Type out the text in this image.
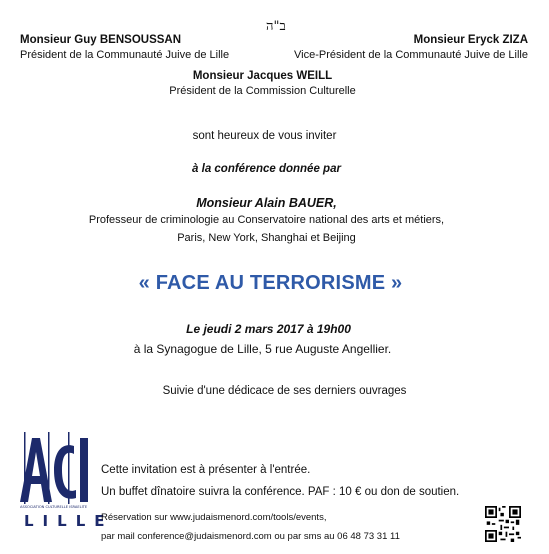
ב"ה
Monsieur Guy BENSOUSSAN
Président de la Communauté Juive de Lille
Monsieur Eryck ZIZA
Vice-Président de la Communauté Juive de Lille
Monsieur Jacques WEILL
Président de la Commission Culturelle
sont heureux de vous inviter
à la conférence donnée par
Monsieur Alain BAUER,
Professeur de criminologie au Conservatoire national des arts et métiers,
Paris, New York, Shanghai et Beijing
« FACE AU TERRORISME »
Le jeudi 2 mars 2017 à 19h00
à la Synagogue de Lille, 5 rue Auguste Angellier.
Suivie d'une dédicace de ses derniers ouvrages
ASSOCIATION CULTURELLE ISRAELITE
LILLE
Cette invitation est à présenter à l'entrée.
Un buffet dînatoire suivra la conférence. PAF : 10 € ou don de soutien.
Réservation sur www.judaismenord.com/tools/events,
par mail conference@judaismenord.com ou par sms au 06 48 73 31 11
